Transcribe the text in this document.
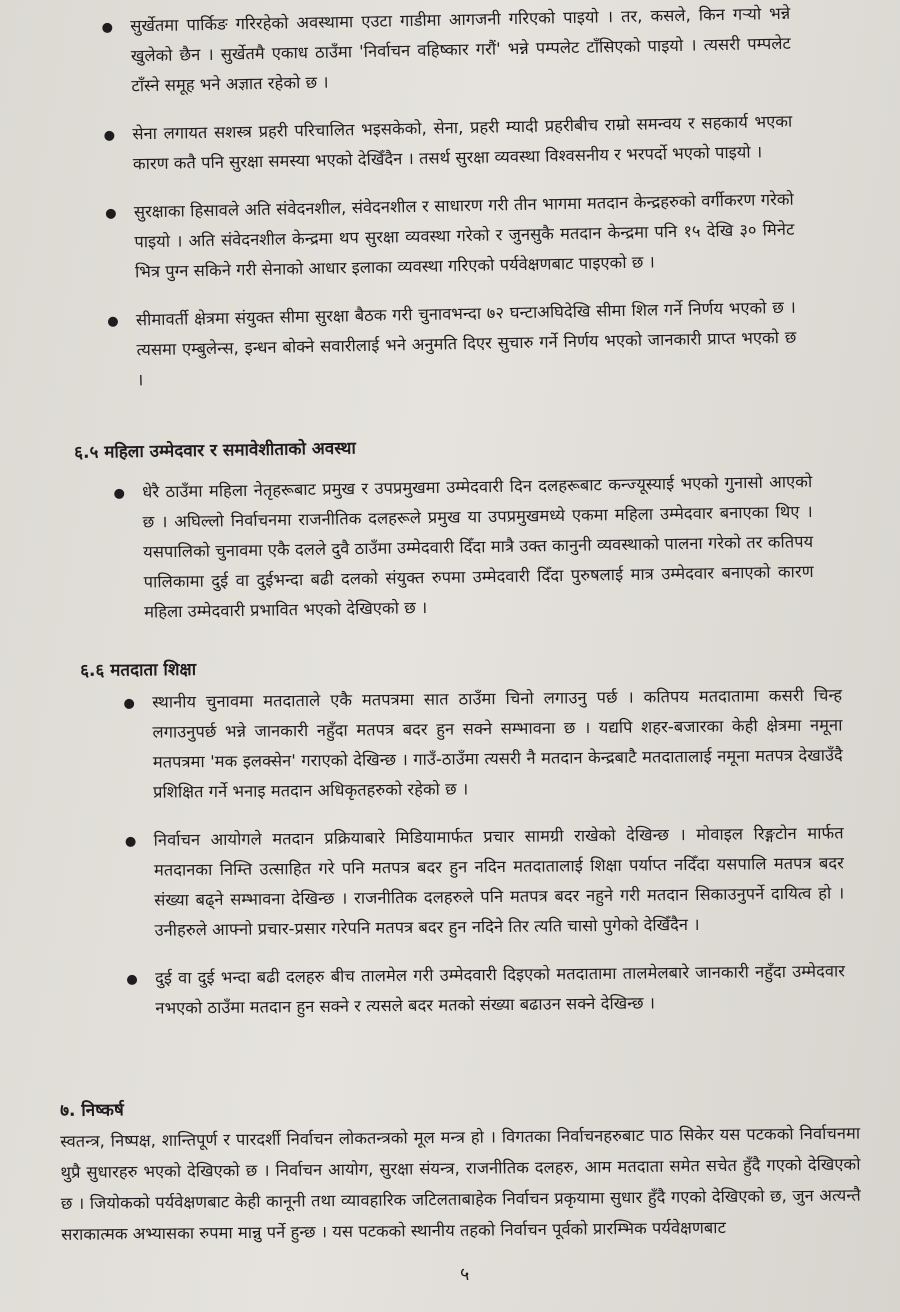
सुर्खेतमा पार्किङ गरिरहेको अवस्थामा एउटा गाडीमा आगजनी गरिएको पाइयो । तर, कसले, किन गऱ्यो भन्ने खुलेको छैन । सुर्खेतमै एकाध ठाउँमा 'निर्वाचन वहिष्कार गरौं' भन्ने पम्पलेट टाँसिएको पाइयो । त्यसरी पम्पलेट टाँस्ने समूह भने अज्ञात रहेको छ ।
सेना लगायत सशस्त्र प्रहरी परिचालित भइसकेको, सेना, प्रहरी म्यादी प्रहरीबीच राम्रो समन्वय र सहकार्य भएका कारण कतै पनि सुरक्षा समस्या भएको देखिँदैन । तसर्थ सुरक्षा व्यवस्था विश्वसनीय र भरपर्दो भएको पाइयो ।
सुरक्षाका हिसावले अति संवेदनशील, संवेदनशील र साधारण गरी तीन भागमा मतदान केन्द्रहरुको वर्गीकरण गरेको पाइयो । अति संवेदनशील केन्द्रमा थप सुरक्षा व्यवस्था गरेको र जुनसुकै मतदान केन्द्रमा पनि १५ देखि ३० मिनेट भित्र पुग्न सकिने गरी सेनाको आधार इलाका व्यवस्था गरिएको पर्यवेक्षणबाट पाइएको छ ।
सीमावर्ती क्षेत्रमा संयुक्त सीमा सुरक्षा बैठक गरी चुनावभन्दा ७२ घन्टाअघिदेखि सीमा शिल गर्ने निर्णय भएको छ । त्यसमा एम्बुलेन्स, इन्धन बोक्ने सवारीलाई भने अनुमति दिएर सुचारु गर्ने निर्णय भएको जानकारी प्राप्त भएको छ ।
६.५ महिला उम्मेदवार र समावेशीताको अवस्था
धेरै ठाउँमा महिला नेतृहरूबाट प्रमुख र उपप्रमुखमा उम्मेदवारी दिन दलहरूबाट कन्ज्यूस्याई भएको गुनासो आएको छ । अघिल्लो निर्वाचनमा राजनीतिक दलहरूले प्रमुख या उपप्रमुखमध्ये एकमा महिला उम्मेदवार बनाएका थिए । यसपालिको चुनावमा एकै दलले दुवै ठाउँमा उम्मेदवारी दिँदा मात्रै उक्त कानुनी व्यवस्थाको पालना गरेको तर कतिपय पालिकामा दुई वा दुईभन्दा बढी दलको संयुक्त रुपमा उम्मेदवारी दिँदा पुरुषलाई मात्र उम्मेदवार बनाएको कारण महिला उम्मेदवारी प्रभावित भएको देखिएको छ ।
६.६ मतदाता शिक्षा
स्थानीय चुनावमा मतदाताले एकै मतपत्रमा सात ठाउँमा चिनो लगाउनु पर्छ । कतिपय मतदातामा कसरी चिन्ह लगाउनुपर्छ भन्ने जानकारी नहुँदा मतपत्र बदर हुन सक्ने सम्भावना छ । यद्यपि शहर-बजारका केही क्षेत्रमा नमूना मतपत्रमा 'मक इलक्सेन' गराएको देखिन्छ । गाउँ-ठाउँमा त्यसरी नै मतदान केन्द्रबाटै मतदातालाई नमूना मतपत्र देखाउँदै प्रशिक्षित गर्ने भनाइ मतदान अधिकृतहरुको रहेको छ ।
निर्वाचन आयोगले मतदान प्रक्रियाबारे मिडियामार्फत प्रचार सामग्री राखेको देखिन्छ । मोवाइल रिङ्गटोन मार्फत मतदानका निम्ति उत्साहित गरे पनि मतपत्र बदर हुन नदिन मतदातालाई शिक्षा पर्याप्त नदिँदा यसपालि मतपत्र बदर संख्या बढ्ने सम्भावना देखिन्छ । राजनीतिक दलहरुले पनि मतपत्र बदर नहुने गरी मतदान सिकाउनुपर्ने दायित्व हो । उनीहरुले आफ्नो प्रचार-प्रसार गरेपनि मतपत्र बदर हुन नदिने तिर त्यति चासो पुगेको देखिँदैन ।
दुई वा दुई भन्दा बढी दलहरु बीच तालमेल गरी उम्मेदवारी दिइएको मतदातामा तालमेलबारे जानकारी नहुँदा उम्मेदवार नभएको ठाउँमा मतदान हुन सक्ने र त्यसले बदर मतको संख्या बढाउन सक्ने देखिन्छ ।
७. निष्कर्ष
स्वतन्त्र, निष्पक्ष, शान्तिपूर्ण र पारदर्शी निर्वाचन लोकतन्त्रको मूल मन्त्र हो । विगतका निर्वाचनहरुबाट पाठ सिकेर यस पटकको निर्वाचनमा थुप्रै सुधारहरु भएको देखिएको छ । निर्वाचन आयोग, सुरक्षा संयन्त्र, राजनीतिक दलहरु, आम मतदाता समेत सचेत हुँदै गएको देखिएको छ । जियोकको पर्यवेक्षणबाट केही कानूनी तथा व्यावहारिक जटिलताबाहेक निर्वाचन प्रकृयामा सुधार हुँदै गएको देखिएको छ, जुन अत्यन्तै सराकात्मक अभ्यासका रुपमा मान्नु पर्ने हुन्छ । यस पटकको स्थानीय तहको निर्वाचन पूर्वको प्रारम्भिक पर्यवेक्षणबाट
५
